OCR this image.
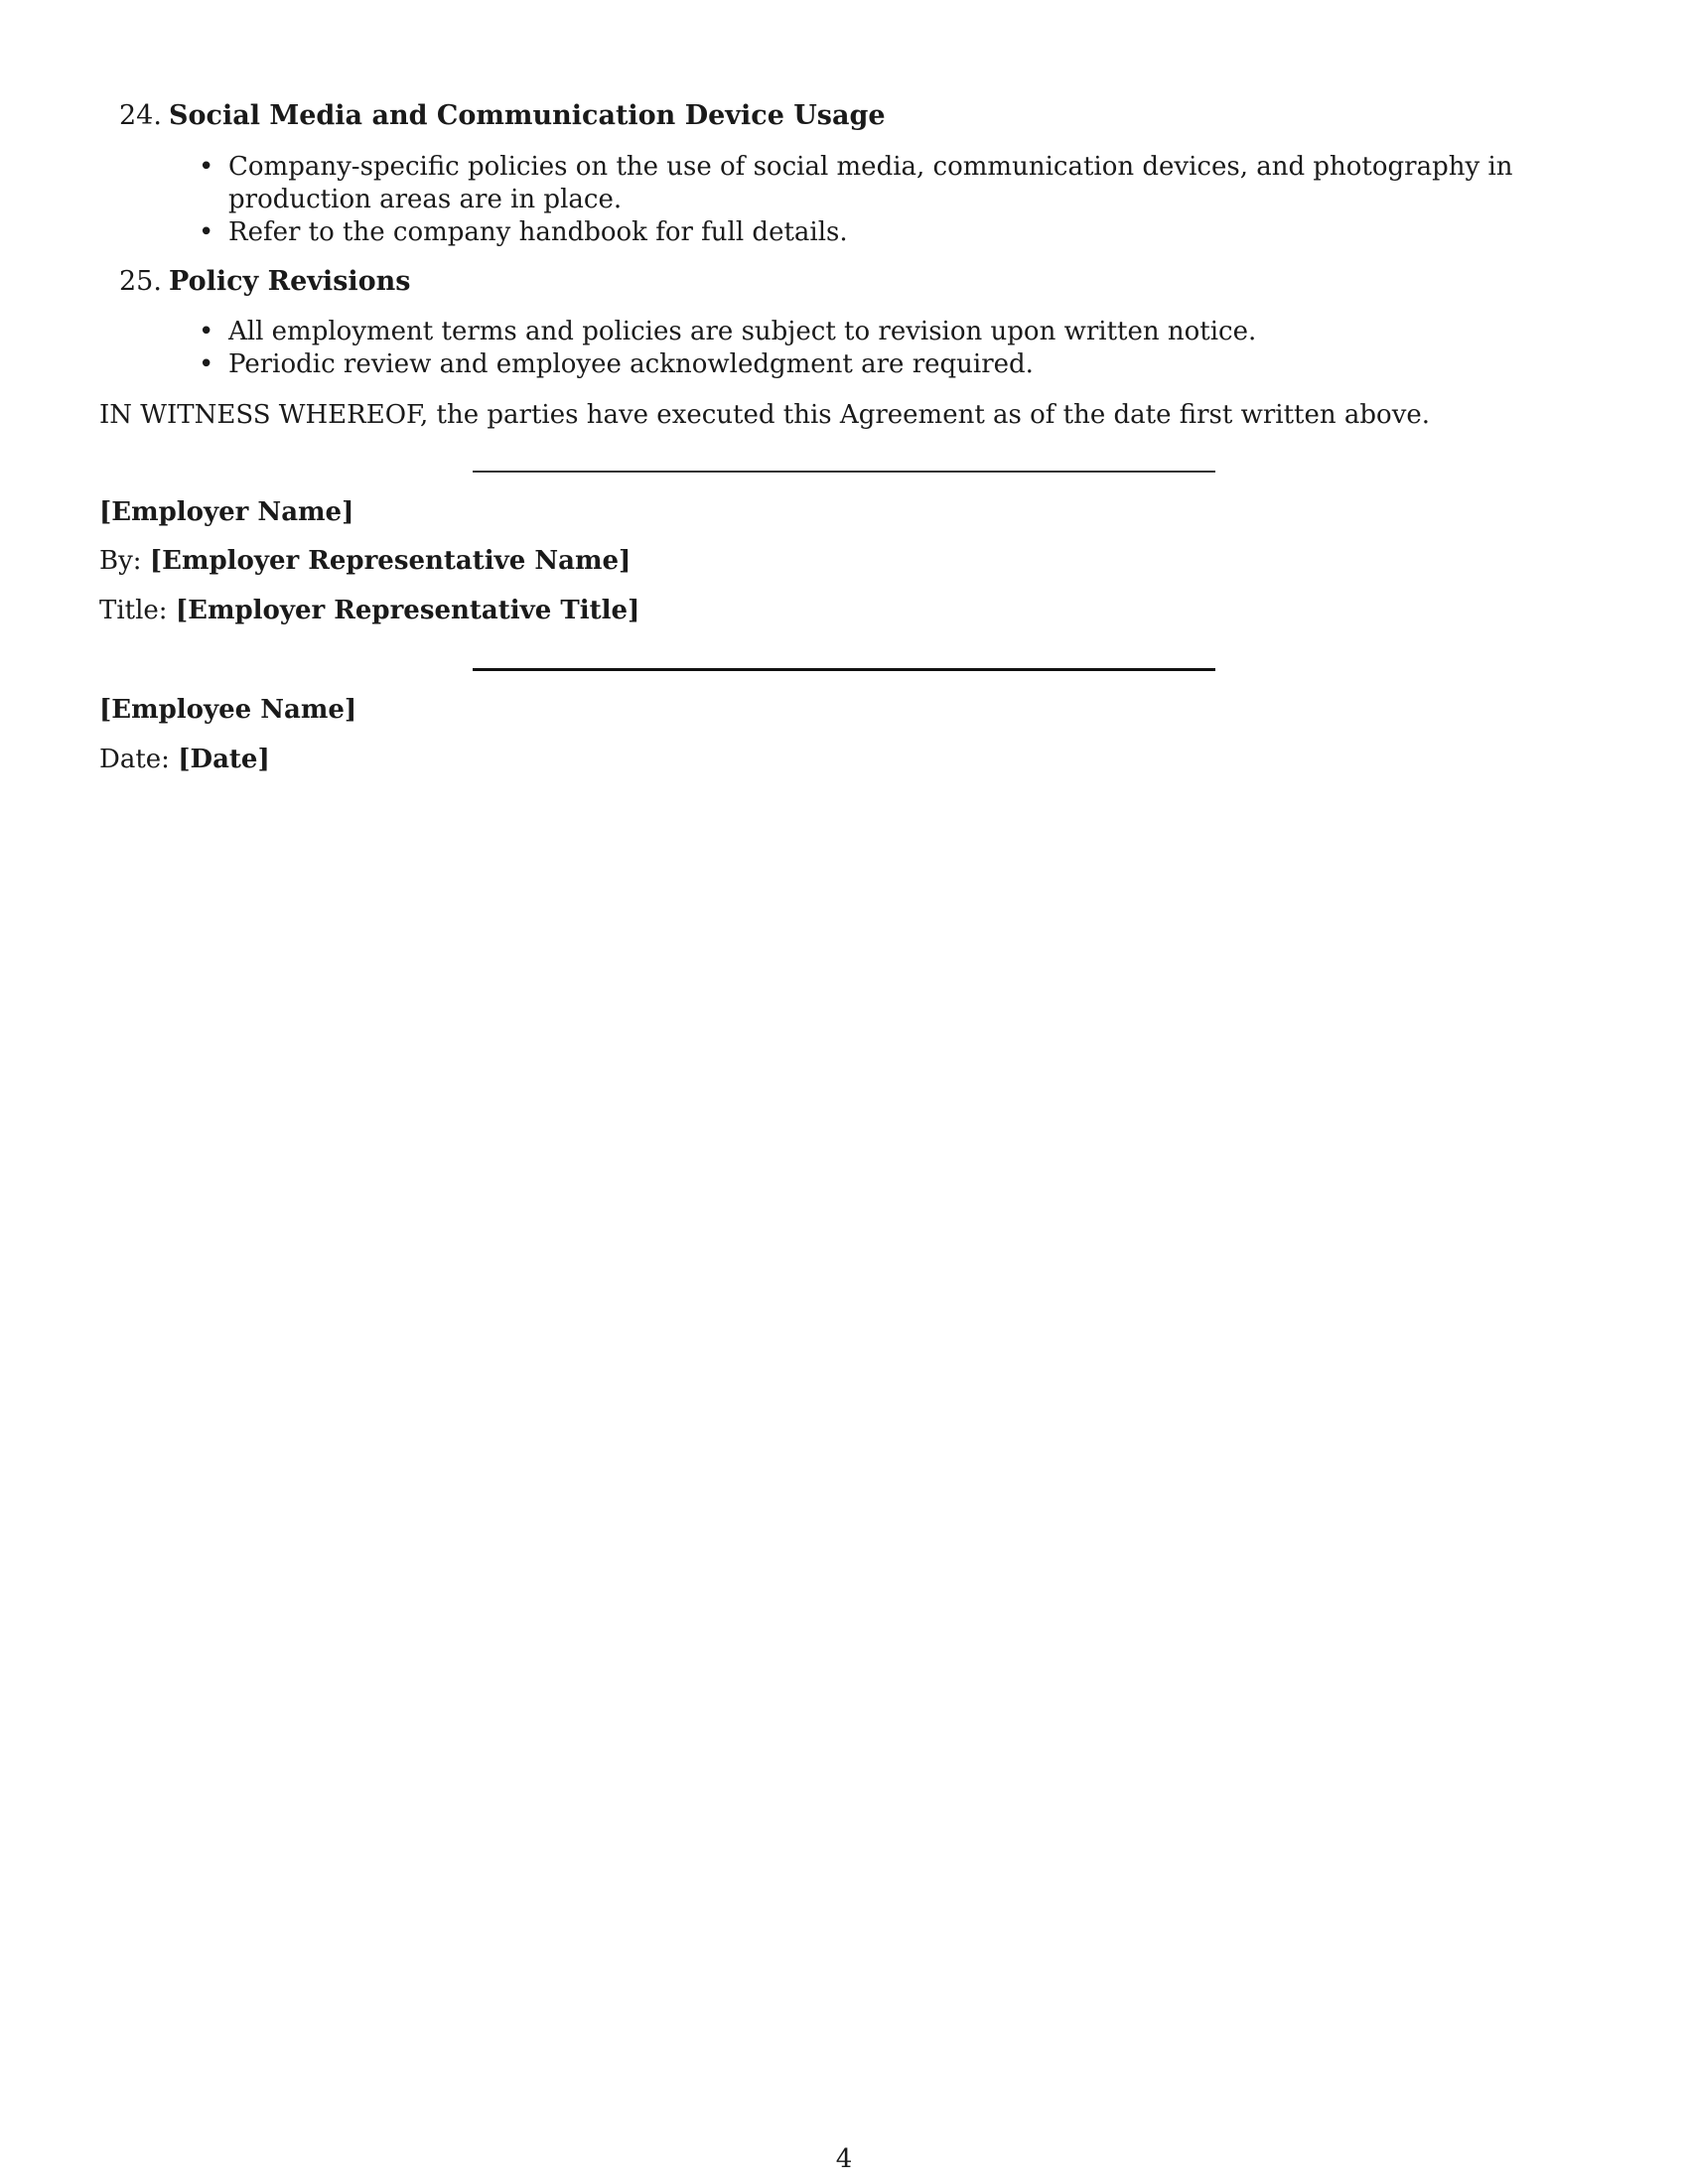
24. Social Media and Communication Device Usage
• Company-specific policies on the use of social media, communication devices, and photography in production areas are in place.
• Refer to the company handbook for full details.
25. Policy Revisions
• All employment terms and policies are subject to revision upon written notice.
• Periodic review and employee acknowledgment are required.
IN WITNESS WHEREOF, the parties have executed this Agreement as of the date first written above.
[Employer Name]
By: [Employer Representative Name]
Title: [Employer Representative Title]
[Employee Name]
Date: [Date]
4
